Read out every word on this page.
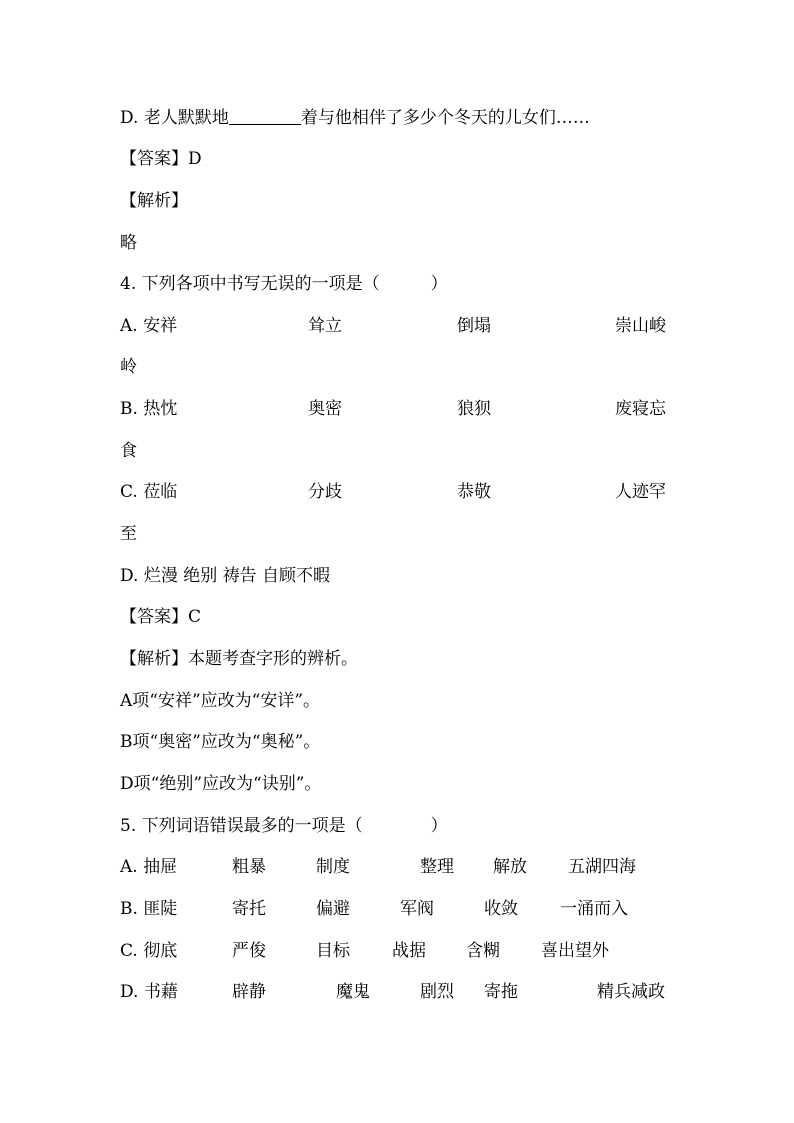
D. 老人默默地	着与他相伴了多少个冬天的儿女们……
【答案】D
【解析】
略
4. 下列各项中书写无误的一项是（　　　）
A. 安祥	耸立	倒塌	崇山峻
岭
B. 热忱	奥密	狼狈	废寝忘
食
C. 莅临	分歧	恭敬	人迹罕
至
D. 烂漫 绝别 祷告 自顾不暇
【答案】C
【解析】本题考查字形的辨析。
A项“安祥”应改为“安详”。
B项“奥密”应改为“奥秘”。
D项“绝别”应改为“诀别”。
5. 下列词语错误最多的一项是（　　　　）
A. 抽屉	粗暴	制度	整理 解放 五湖四海
B. 匪陡	寄托	偏避	军阀	收敛 一涌而入
C. 彻底	严俊	目标 战据 含糊 喜出望外
D. 书藉	辟静	魔鬼	剧烈 寄拖	精兵减政
